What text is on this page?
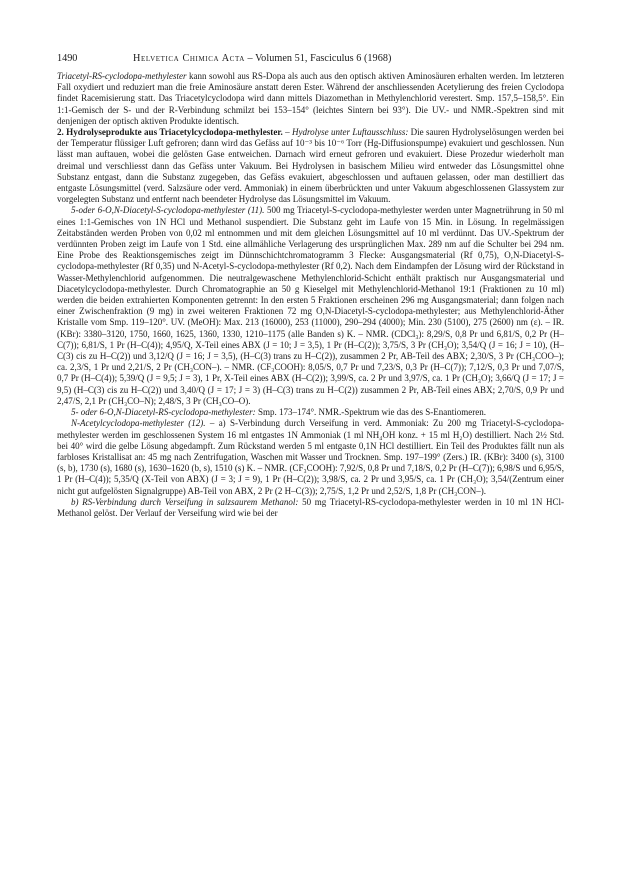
1490	Helvetica Chimica Acta – Volumen 51, Fasciculus 6 (1968)

Triacetyl-RS-cyclodopa-methylester kann sowohl aus RS-Dopa als auch aus den optisch aktiven Aminosäuren erhalten werden. Im letzteren Fall oxydiert und reduziert man die freie Aminosäure anstatt deren Ester. Während der anschliessenden Acetylierung des freien Cyclodopa findet Racemisierung statt. Das Triacetylcyclodopa wird dann mittels Diazomethan in Methylenchlorid verestert. Smp. 157,5–158,5°. Ein 1:1-Gemisch der S- und der R-Verbindung schmilzt bei 153–154° (leichtes Sintern bei 93°). Die UV.- und NMR.-Spektren sind mit denjenigen der optisch aktiven Produkte identisch.

2. Hydrolyseprodukte aus Triacetylcyclodopa-methylester. – Hydrolyse unter Luftausschluss: Die sauren Hydrolyselösungen werden bei der Temperatur flüssiger Luft gefroren; dann wird das Gefäss auf 10⁻³ bis 10⁻⁶ Torr (Hg-Diffusionspumpe) evakuiert und geschlossen. Nun lässt man auftauen, wobei die gelösten Gase entweichen. Darnach wird erneut gefroren und evakuiert. Diese Prozedur wiederholt man dreimal und verschliesst dann das Gefäss unter Vakuum. Bei Hydrolysen in basischem Milieu wird entweder das Lösungsmittel ohne Substanz entgast, dann die Substanz zugegeben, das Gefäss evakuiert, abgeschlossen und auftauen gelassen, oder man destilliert das entgaste Lösungsmittel (verd. Salzsäure oder verd. Ammoniak) in einem überbrückten und unter Vakuum abgeschlossenen Glassystem zur vorgelegten Substanz und entfernt nach beendeter Hydrolyse das Lösungsmittel im Vakuum.

5-oder 6-O,N-Diacetyl-S-cyclodopa-methylester (11). 500 mg Triacetyl-S-cyclodopa-methylester werden unter Magnetrührung in 50 ml eines 1:1-Gemisches von 1N HCl und Methanol suspendiert. Die Substanz geht im Laufe von 15 Min. in Lösung. In regelmässigen Zeitabständen werden Proben von 0,02 ml entnommen und mit dem gleichen Lösungsmittel auf 10 ml verdünnt. Das UV.-Spektrum der verdünnten Proben zeigt im Laufe von 1 Std. eine allmähliche Verlagerung des ursprünglichen Max. 289 nm auf die Schulter bei 294 nm. Eine Probe des Reaktionsgemisches zeigt im Dünnschichtchromatogramm 3 Flecke: Ausgangsmaterial (Rf 0,75), O,N-Diacetyl-S-cyclodopa-methylester (Rf 0,35) und N-Acetyl-S-cyclodopa-methylester (Rf 0,2). Nach dem Eindampfen der Lösung wird der Rückstand in Wasser-Methylenchlorid aufgenommen. Die neutralgewaschene Methylenchlorid-Schicht enthält praktisch nur Ausgangsmaterial und Diacetylcyclodopa-methylester. Durch Chromatographie an 50 g Kieselgel mit Methylenchlorid-Methanol 19:1 (Fraktionen zu 10 ml) werden die beiden extrahierten Komponenten getrennt: In den ersten 5 Fraktionen erscheinen 296 mg Ausgangsmaterial; dann folgen nach einer Zwischenfraktion (9 mg) in zwei weiteren Fraktionen 72 mg O,N-Diacetyl-S-cyclodopa-methylester; aus Methylenchlorid-Äther Kristalle vom Smp. 119–120°. UV. (MeOH): Max. 213 (16000), 253 (11000), 290–294 (4000); Min. 230 (5100), 275 (2600) nm (ε). – IR. (KBr): 3380–3120, 1750, 1660, 1625, 1360, 1330, 1210–1175 (alle Banden s) K. – NMR. (CDCl₃): 8,29/S, 0,8 Pr und 6,81/S, 0,2 Pr (H–C(7)); 6,81/S, 1 Pr (H–C(4)); 4,95/Q, X-Teil eines ABX (J = 10; J = 3,5), 1 Pr (H–C(2)); 3,75/S, 3 Pr (CH₃O); 3,54/Q (J = 16; J = 10), (H–C(3) cis zu H–C(2)) und 3,12/Q (J = 16; J = 3,5), (H–C(3) trans zu H–C(2)), zusammen 2 Pr, AB-Teil des ABX; 2,30/S, 3 Pr (CH₃COO–); ca. 2,3/S, 1 Pr und 2,21/S, 2 Pr (CH₃CON–). – NMR. (CF₃COOH): 8,05/S, 0,7 Pr und 7,23/S, 0,3 Pr (H–C(7)); 7,12/S, 0,3 Pr und 7,07/S, 0,7 Pr (H–C(4)); 5,39/Q (J = 9,5; J = 3), 1 Pr, X-Teil eines ABX (H–C(2)); 3,99/S, ca. 2 Pr und 3,97/S, ca. 1 Pr (CH₃O); 3,66/Q (J = 17; J = 9,5) (H–C(3) cis zu H–C(2)) und 3,40/Q (J = 17; J = 3) (H–C(3) trans zu H–C(2)) zusammen 2 Pr, AB-Teil eines ABX; 2,70/S, 0,9 Pr und 2,47/S, 2,1 Pr (CH₃CO–N); 2,48/S, 3 Pr (CH₃CO–O).

5- oder 6-O,N-Diacetyl-RS-cyclodopa-methylester: Smp. 173–174°. NMR.-Spektrum wie das des S-Enantiomeren.

N-Acetylcyclodopa-methylester (12). – a) S-Verbindung durch Verseifung in verd. Ammoniak: Zu 200 mg Triacetyl-S-cyclodopa-methylester werden im geschlossenen System 16 ml entgastes 1N Ammoniak (1 ml NH₄OH konz. + 15 ml H₂O) destilliert. Nach 2½ Std. bei 40° wird die gelbe Lösung abgedampft. Zum Rückstand werden 5 ml entgaste 0,1N HCl destilliert. Ein Teil des Produktes fällt nun als farbloses Kristallisat an: 45 mg nach Zentrifugation, Waschen mit Wasser und Trocknen. Smp. 197–199° (Zers.) IR. (KBr): 3400 (s), 3100 (s, b), 1730 (s), 1680 (s), 1630–1620 (b, s), 1510 (s) K. – NMR. (CF₃COOH): 7,92/S, 0,8 Pr und 7,18/S, 0,2 Pr (H–C(7)); 6,98/S und 6,95/S, 1 Pr (H–C(4)); 5,35/Q (X-Teil von ABX) (J = 3; J = 9), 1 Pr (H–C(2)); 3,98/S, ca. 2 Pr und 3,95/S, ca. 1 Pr (CH₃O); 3,54/(Zentrum einer nicht gut aufgelösten Signalgruppe) AB-Teil von ABX, 2 Pr (2 H–C(3)); 2,75/S, 1,2 Pr und 2,52/S, 1,8 Pr (CH₃CON–).

b) RS-Verbindung durch Verseifung in salzsaurem Methanol: 50 mg Triacetyl-RS-cyclodopa-methylester werden in 10 ml 1N HCl-Methanol gelöst. Der Verlauf der Verseifung wird wie bei der
